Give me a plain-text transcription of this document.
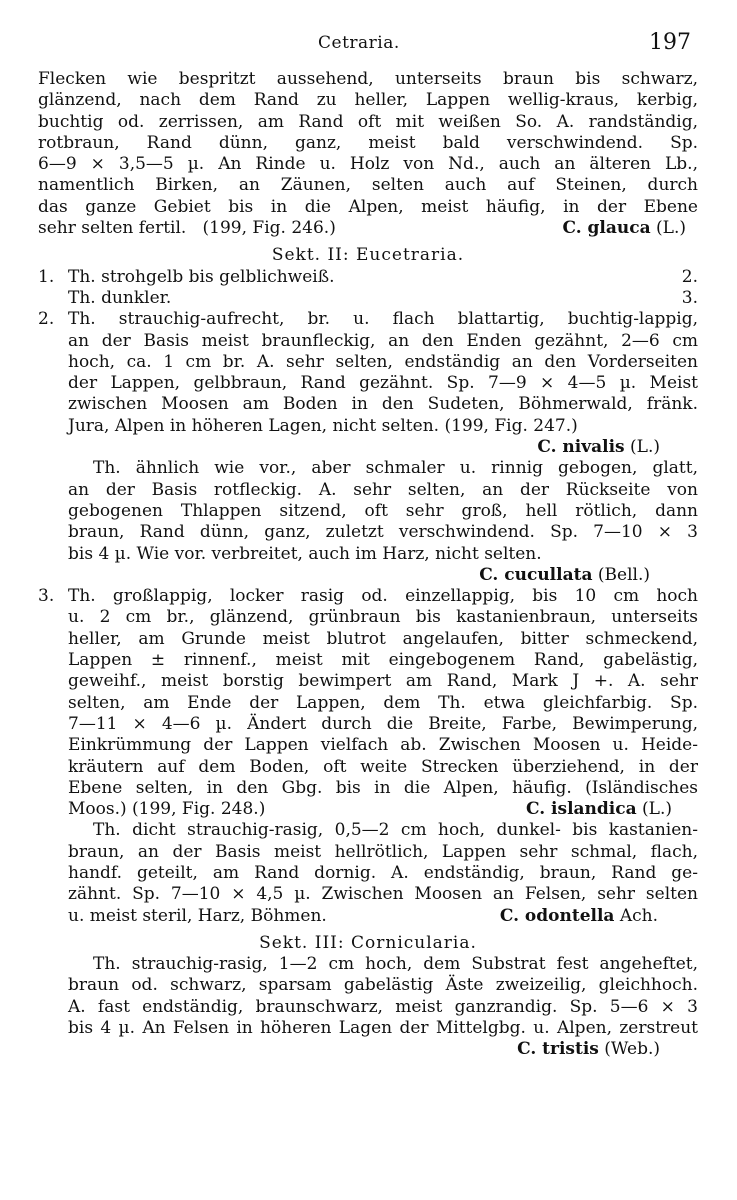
Cetraria.	197
Flecken wie bespritzt aussehend, unterseits braun bis schwarz,
glänzend, nach dem Rand zu heller, Lappen wellig-kraus, kerbig,
buchtig od. zerrissen, am Rand oft mit weißen So. A. randständig,
rotbraun, Rand dünn, ganz, meist bald verschwindend. Sp.
6—9 × 3,5—5 µ. An Rinde u. Holz von Nd., auch an älteren Lb.,
namentlich Birken, an Zäunen, selten auch auf Steinen, durch
das ganze Gebiet bis in die Alpen, meist häufig, in der Ebene
sehr selten fertil.   (199, Fig. 246.)	C. glauca (L.)
Sekt. II: Eucetraria.
1. Th. strohgelb bis gelblichweiß.	2.
Th. dunkler.	3.
2. Th. strauchig-aufrecht, br. u. flach blattartig, buchtig-lappig,
an der Basis meist braunfleckig, an den Enden gezähnt, 2—6 cm
hoch, ca. 1 cm br. A. sehr selten, endständig an den Vorderseiten
der Lappen, gelbbraun, Rand gezähnt. Sp. 7—9 × 4—5 µ. Meist
zwischen Moosen am Boden in den Sudeten, Böhmerwald, fränk.
Jura, Alpen in höheren Lagen, nicht selten. (199, Fig. 247.)
C. nivalis (L.)
Th. ähnlich wie vor., aber schmaler u. rinnig gebogen, glatt,
an der Basis rotfleckig. A. sehr selten, an der Rückseite von
gebogenen Thlappen sitzend, oft sehr groß, hell rötlich, dann
braun, Rand dünn, ganz, zuletzt verschwindend. Sp. 7—10 × 3
bis 4 µ. Wie vor. verbreitet, auch im Harz, nicht selten.
C. cucullata (Bell.)
3. Th. großlappig, locker rasig od. einzellappig, bis 10 cm hoch
u. 2 cm br., glänzend, grünbraun bis kastanienbraun, unterseits
heller, am Grunde meist blutrot angelaufen, bitter schmeckend,
Lappen ± rinnenf., meist mit eingebogenem Rand, gabelästig,
geweihf., meist borstig bewimpert am Rand, Mark J +. A. sehr
selten, am Ende der Lappen, dem Th. etwa gleichfarbig. Sp.
7—11 × 4—6 µ. Ändert durch die Breite, Farbe, Bewimperung,
Einkrümmung der Lappen vielfach ab. Zwischen Moosen u. Heide-
kräutern auf dem Boden, oft weite Strecken überziehend, in der
Ebene selten, in den Gbg. bis in die Alpen, häufig. (Isländisches
Moos.) (199, Fig. 248.)	C. islandica (L.)
Th. dicht strauchig-rasig, 0,5—2 cm hoch, dunkel- bis kastanien-
braun, an der Basis meist hellrötlich, Lappen sehr schmal, flach,
handf. geteilt, am Rand dornig. A. endständig, braun, Rand ge-
zähnt. Sp. 7—10 × 4,5 µ. Zwischen Moosen an Felsen, sehr selten
u. meist steril, Harz, Böhmen.	C. odontella Ach.
Sekt. III: Cornicularia.
Th. strauchig-rasig, 1—2 cm hoch, dem Substrat fest angeheftet,
braun od. schwarz, sparsam gabelästig Äste zweizeilig, gleichhoch.
A. fast endständig, braunschwarz, meist ganzrandig. Sp. 5—6 × 3
bis 4 µ. An Felsen in höheren Lagen der Mittelgbg. u. Alpen, zerstreut
C. tristis (Web.)
